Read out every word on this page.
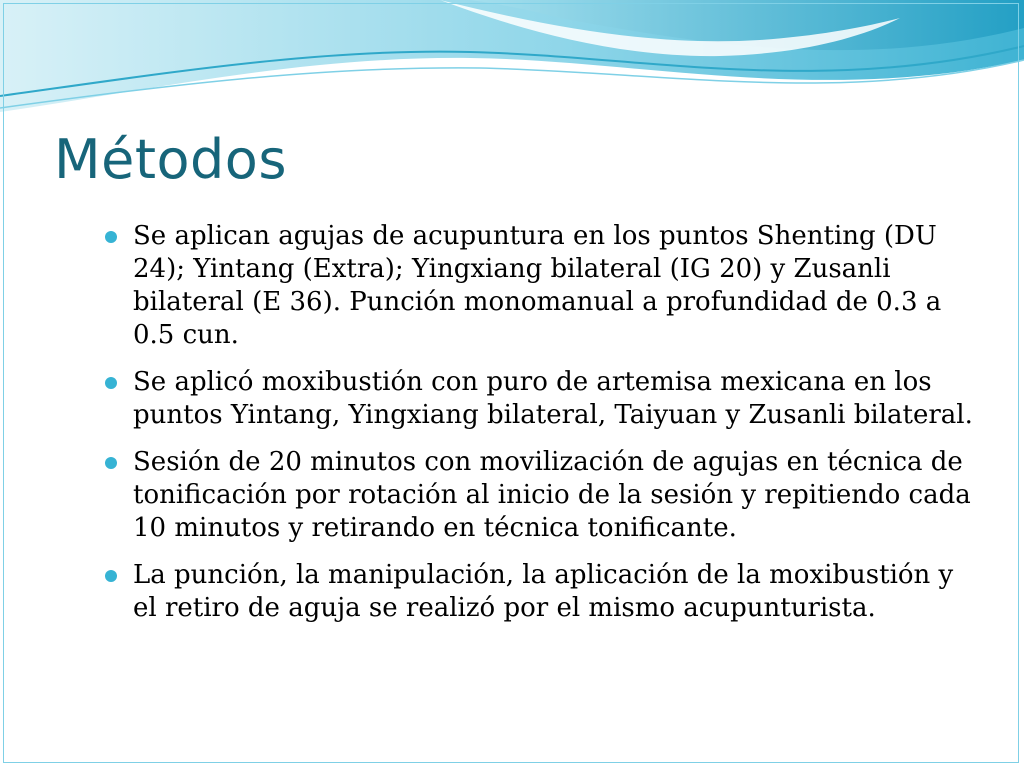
Métodos
Se aplican agujas de acupuntura en los puntos Shenting (DU 24); Yintang (Extra); Yingxiang bilateral (IG 20) y Zusanli bilateral (E 36). Punción monomanual a profundidad de 0.3 a 0.5 cun.
Se aplicó moxibustión con puro de artemisa mexicana en los puntos Yintang, Yingxiang bilateral, Taiyuan y Zusanli bilateral.
Sesión de 20 minutos con movilización de agujas en técnica de tonificación por rotación al inicio de la sesión y repitiendo cada 10 minutos y retirando en técnica tonificante.
La punción, la manipulación, la aplicación de la moxibustión y el retiro de aguja se realizó por el mismo acupunturista.
